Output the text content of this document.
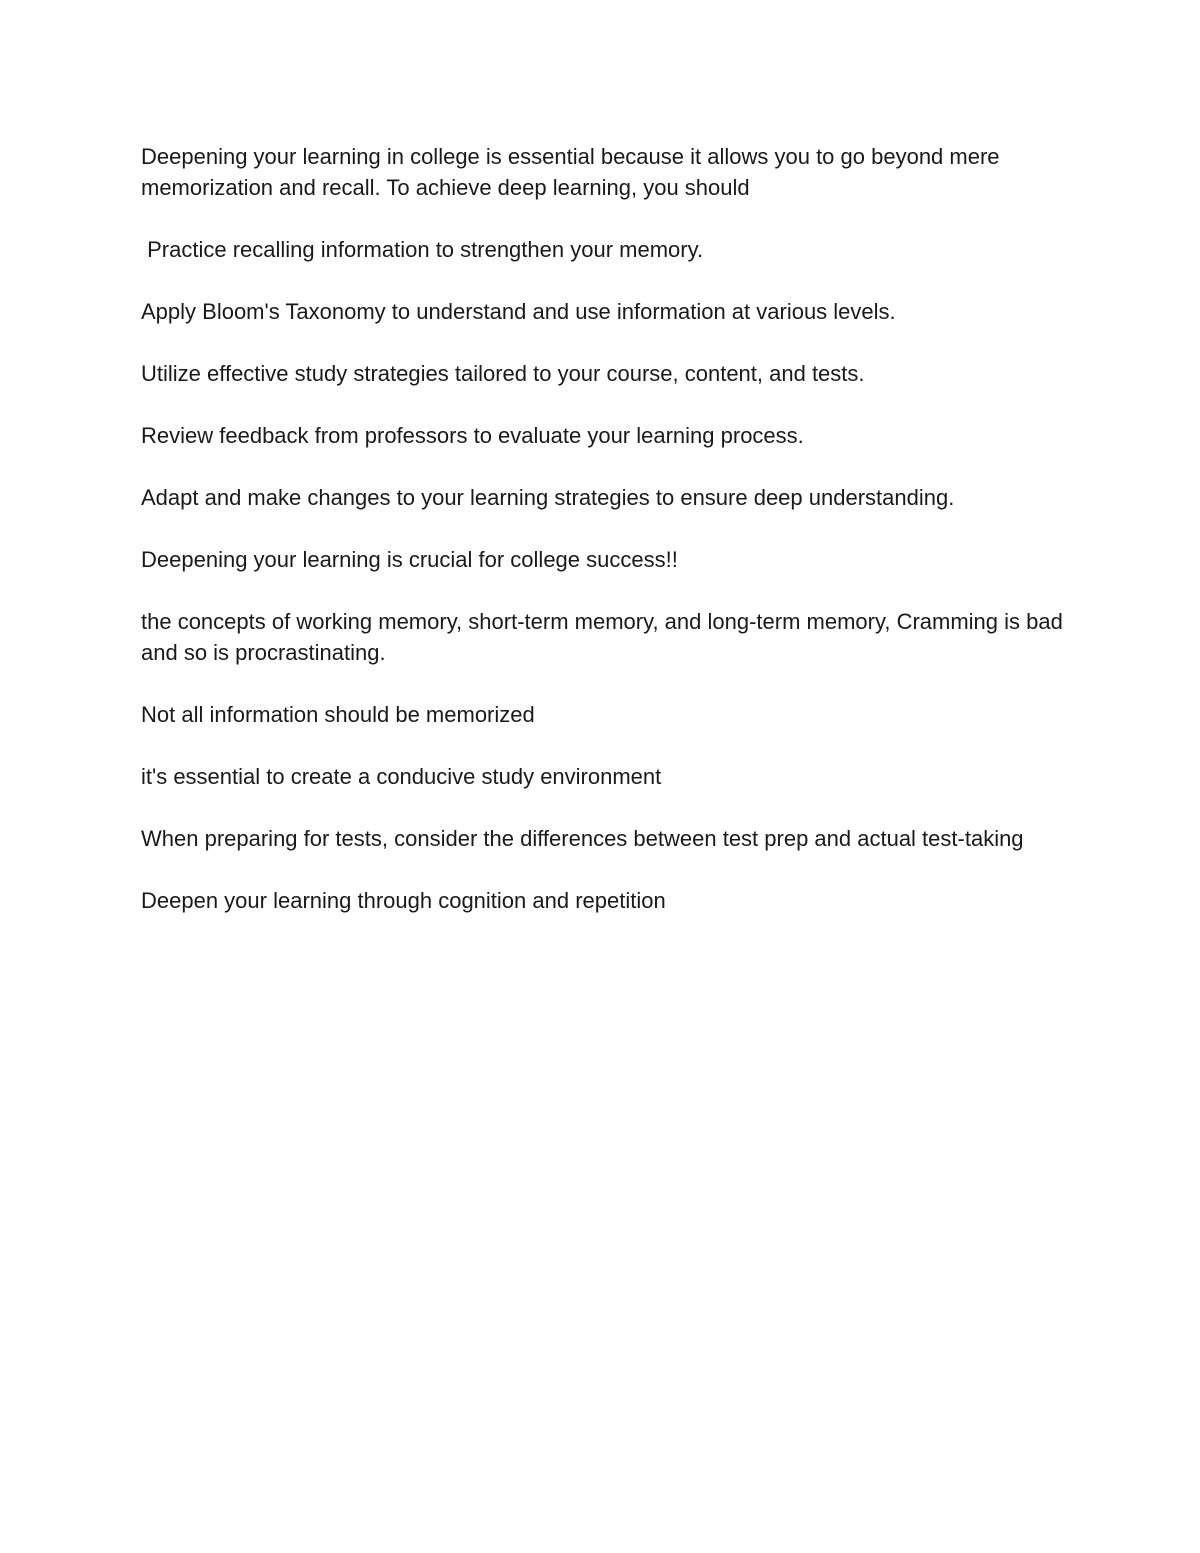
Deepening your learning in college is essential because it allows you to go beyond mere memorization and recall. To achieve deep learning, you should

Practice recalling information to strengthen your memory.

Apply Bloom's Taxonomy to understand and use information at various levels.

Utilize effective study strategies tailored to your course, content, and tests.

Review feedback from professors to evaluate your learning process.

Adapt and make changes to your learning strategies to ensure deep understanding.

Deepening your learning is crucial for college success!!

the concepts of working memory, short-term memory, and long-term memory, Cramming is bad and so is procrastinating.

Not all information should be memorized

it's essential to create a conducive study environment

When preparing for tests, consider the differences between test prep and actual test-taking

Deepen your learning through cognition and repetition
